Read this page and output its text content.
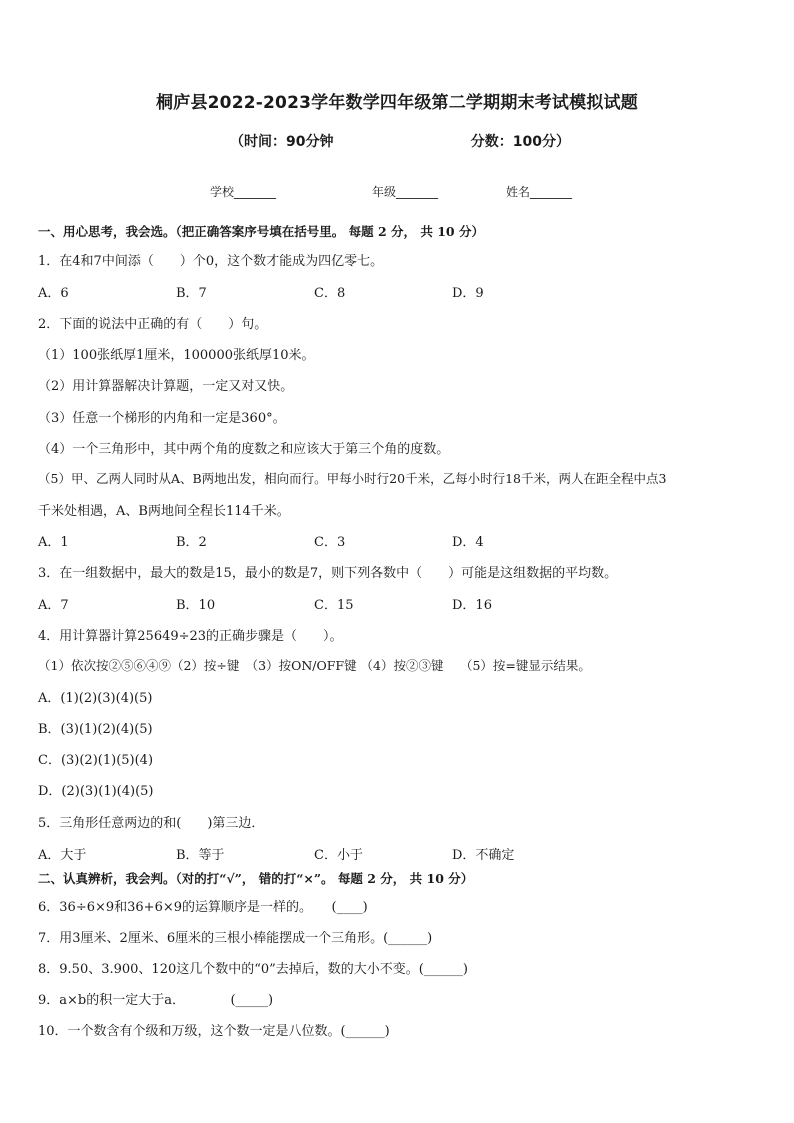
桐庐县2022-2023学年数学四年级第二学期期末考试模拟试题
（时间：90分钟	分数：100分）
学校_______	年级_______	姓名_______
一、用心思考，我会选。（把正确答案序号填在括号里。 每题 2 分， 共 10 分）
1．在4和7中间添（　　）个0，这个数才能成为四亿零七。
A．6	B．7	C．8	D．9
2．下面的说法中正确的有（　　）句。
（1）100张纸厚1厘米，100000张纸厚10米。
（2）用计算器解决计算题，一定又对又快。
（3）任意一个梯形的内角和一定是360°。
（4）一个三角形中，其中两个角的度数之和应该大于第三个角的度数。
（5）甲、乙两人同时从A、B两地出发，相向而行。甲每小时行20千米，乙每小时行18千米，两人在距全程中点3
千米处相遇，A、B两地间全程长114千米。
A．1	B．2	C．3	D．4
3．在一组数据中，最大的数是15，最小的数是7，则下列各数中（　　）可能是这组数据的平均数。
A．7	B．10	C．15	D．16
4．用计算器计算25649÷23的正确步骤是（　　）。
（1）依次按②⑤⑥④⑨（2）按÷键　（3）按ON/OFF键 （4）按②③键　 （5）按=键显示结果。
A．(1)(2)(3)(4)(5)
B．(3)(1)(2)(4)(5)
C．(3)(2)(1)(5)(4)
D．(2)(3)(1)(4)(5)
5．三角形任意两边的和(　　)第三边．
A．大于	B．等于	C．小于	D．不确定
二、认真辨析，我会判。（对的打“√”， 错的打“×”。 每题 2 分， 共 10 分）
6．36÷6×9和36+6×9的运算顺序是一样的。　　(____)
7．用3厘米、2厘米、6厘米的三根小棒能摆成一个三角形。(______)
8．9.50、3.900、120这几个数中的“0”去掉后，数的大小不变。(______)
9．a×b的积一定大于a．　　　　(_____)
10．一个数含有个级和万级，这个数一定是八位数。(______)
